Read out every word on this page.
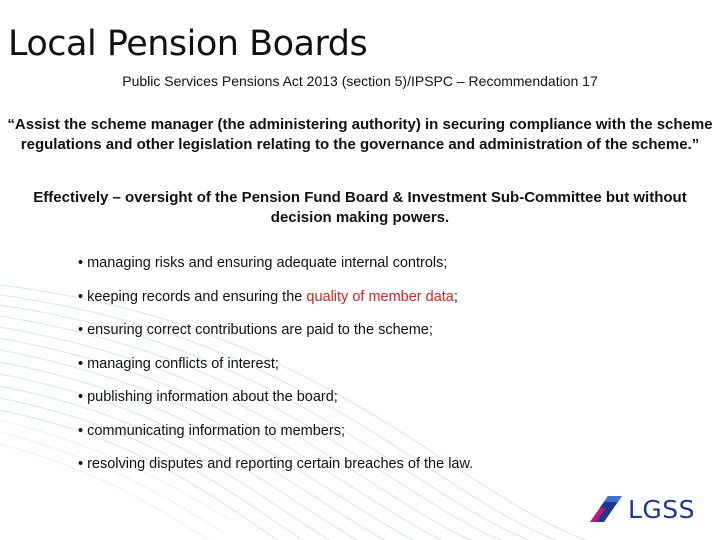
Local Pension Boards
Public Services Pensions Act 2013 (section 5)/IPSPC – Recommendation 17
“Assist the scheme manager (the administering authority) in securing compliance with the scheme regulations and other legislation relating to the governance and administration of the scheme.”
Effectively – oversight of the Pension Fund Board & Investment Sub-Committee but without decision making powers.
• managing risks and ensuring adequate internal controls;
• keeping records and ensuring the quality of member data;
• ensuring correct contributions are paid to the scheme;
• managing conflicts of interest;
• publishing information about the board;
• communicating information to members;
• resolving disputes and reporting certain breaches of the law.
LGSS
